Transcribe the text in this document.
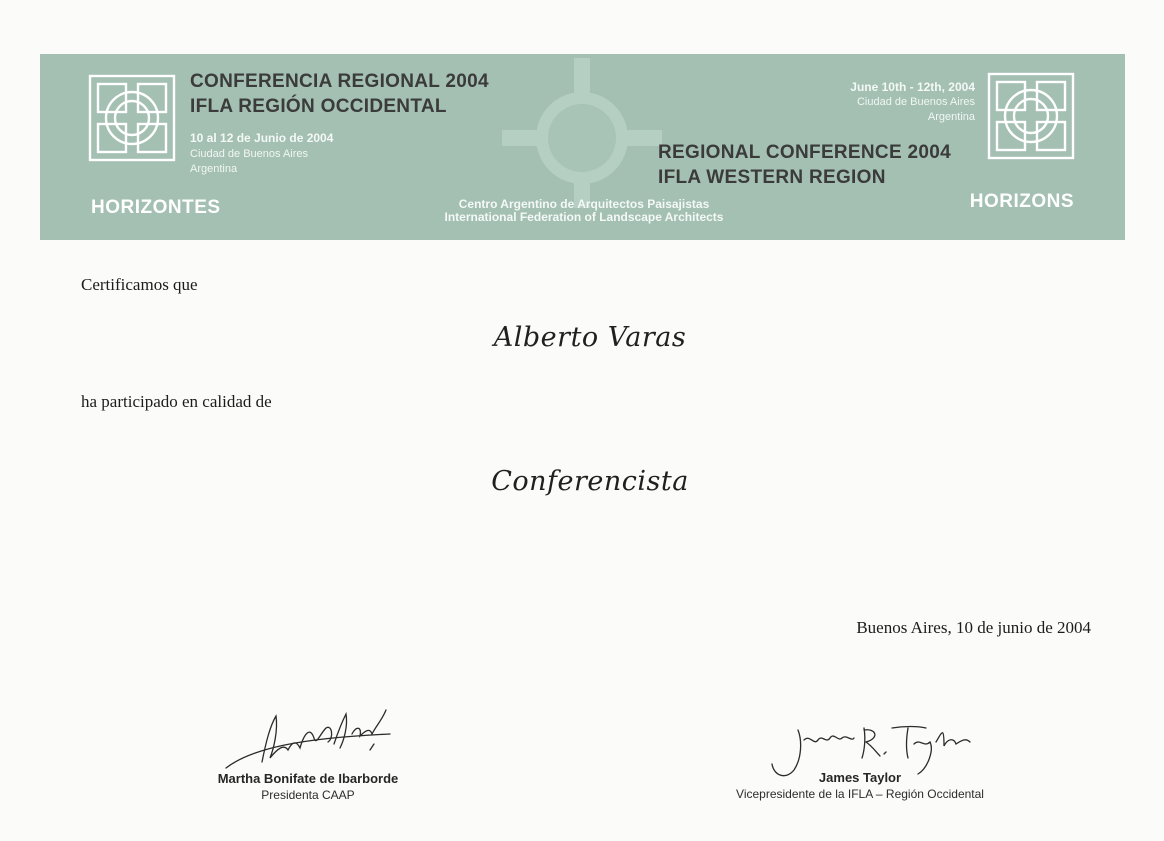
CONFERENCIA REGIONAL 2004
IFLA REGIÓN OCCIDENTAL
10 al 12 de Junio de 2004
Ciudad de Buenos Aires
Argentina
HORIZONTES
June 10th - 12th, 2004
Ciudad de Buenos Aires
Argentina
REGIONAL CONFERENCE 2004
IFLA WESTERN REGION
HORIZONS
Centro Argentino de Arquitectos Paisajistas
International Federation of Landscape Architects
Certificamos que
Alberto Varas
ha participado en calidad de
Conferencista
Buenos Aires, 10 de junio de 2004
Martha Bonifate de Ibarborde
Presidenta CAAP
James Taylor
Vicepresidente de la IFLA – Región Occidental
